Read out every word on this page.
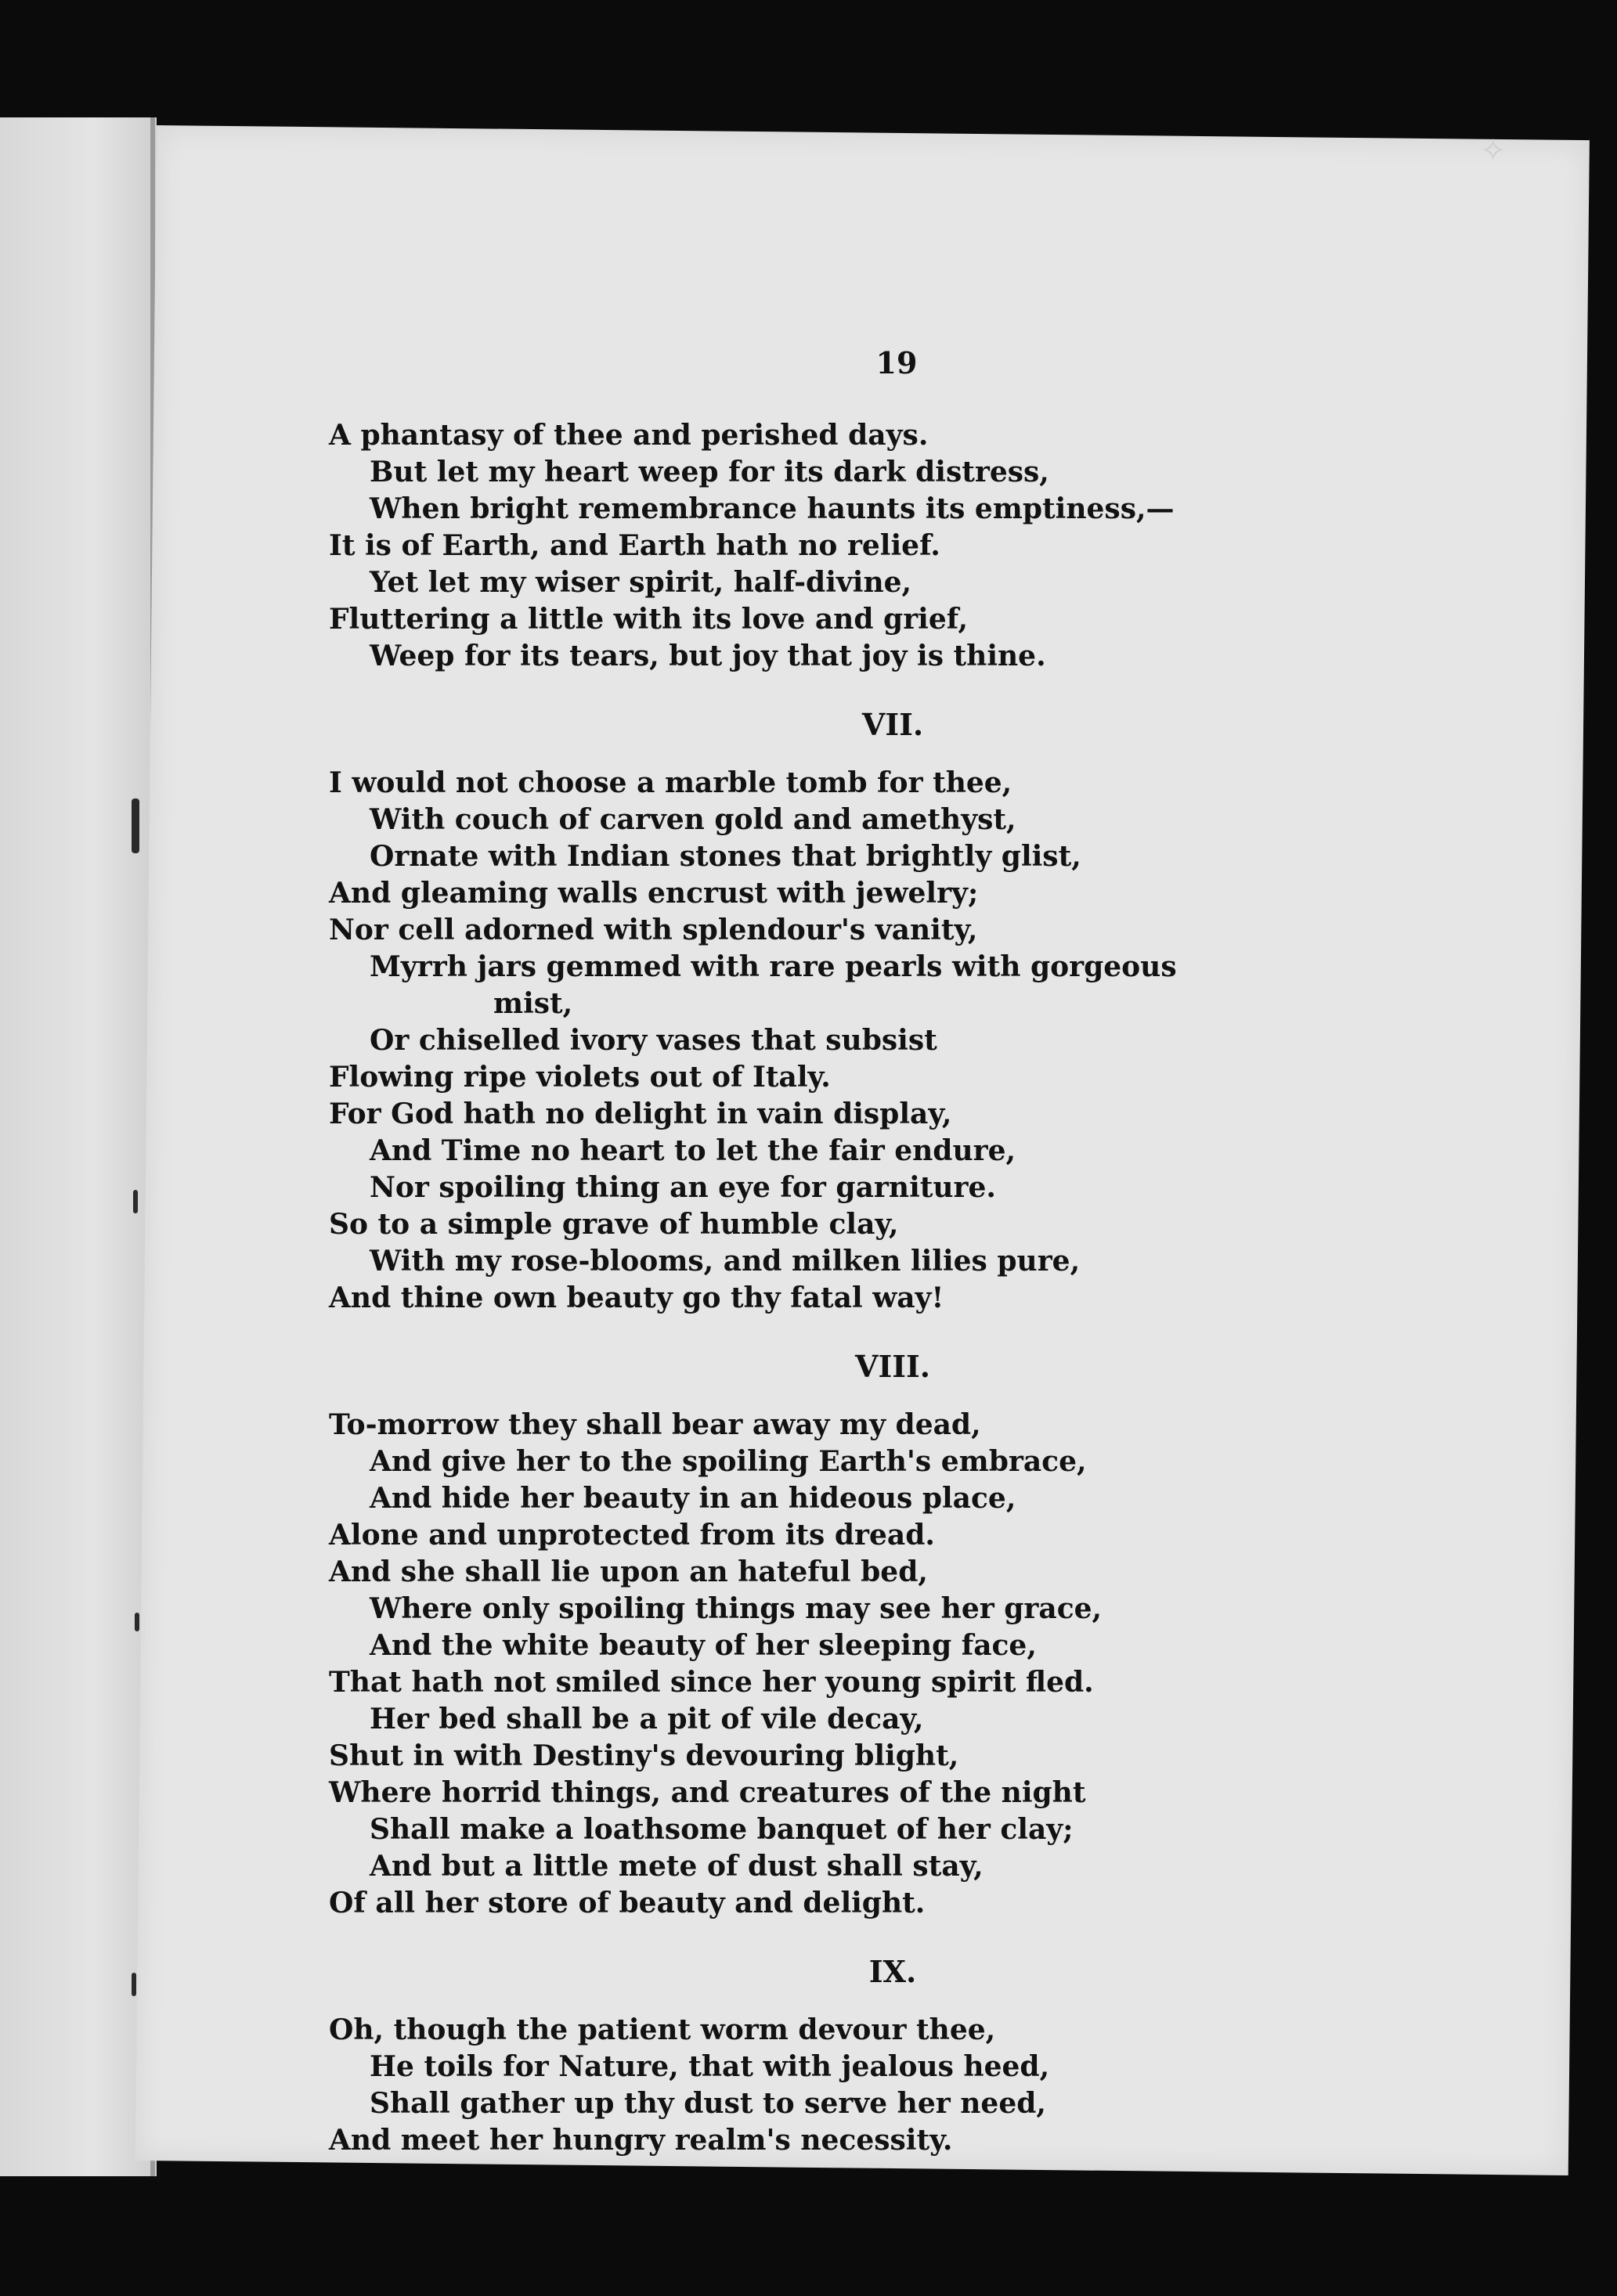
✧
19
A phantasy of thee and perished days.
But let my heart weep for its dark distress,
When bright remembrance haunts its emptiness,—
It is of Earth, and Earth hath no relief.
Yet let my wiser spirit, half-divine,
Fluttering a little with its love and grief,
Weep for its tears, but joy that joy is thine.
VII.
I would not choose a marble tomb for thee,
With couch of carven gold and amethyst,
Ornate with Indian stones that brightly glist,
And gleaming walls encrust with jewelry;
Nor cell adorned with splendour's vanity,
Myrrh jars gemmed with rare pearls with gorgeous
mist,
Or chiselled ivory vases that subsist
Flowing ripe violets out of Italy.
For God hath no delight in vain display,
And Time no heart to let the fair endure,
Nor spoiling thing an eye for garniture.
So to a simple grave of humble clay,
With my rose-blooms, and milken lilies pure,
And thine own beauty go thy fatal way!
VIII.
To-morrow they shall bear away my dead,
And give her to the spoiling Earth's embrace,
And hide her beauty in an hideous place,
Alone and unprotected from its dread.
And she shall lie upon an hateful bed,
Where only spoiling things may see her grace,
And the white beauty of her sleeping face,
That hath not smiled since her young spirit fled.
Her bed shall be a pit of vile decay,
Shut in with Destiny's devouring blight,
Where horrid things, and creatures of the night
Shall make a loathsome banquet of her clay;
And but a little mete of dust shall stay,
Of all her store of beauty and delight.
IX.
Oh, though the patient worm devour thee,
He toils for Nature, that with jealous heed,
Shall gather up thy dust to serve her need,
And meet her hungry realm's necessity.
